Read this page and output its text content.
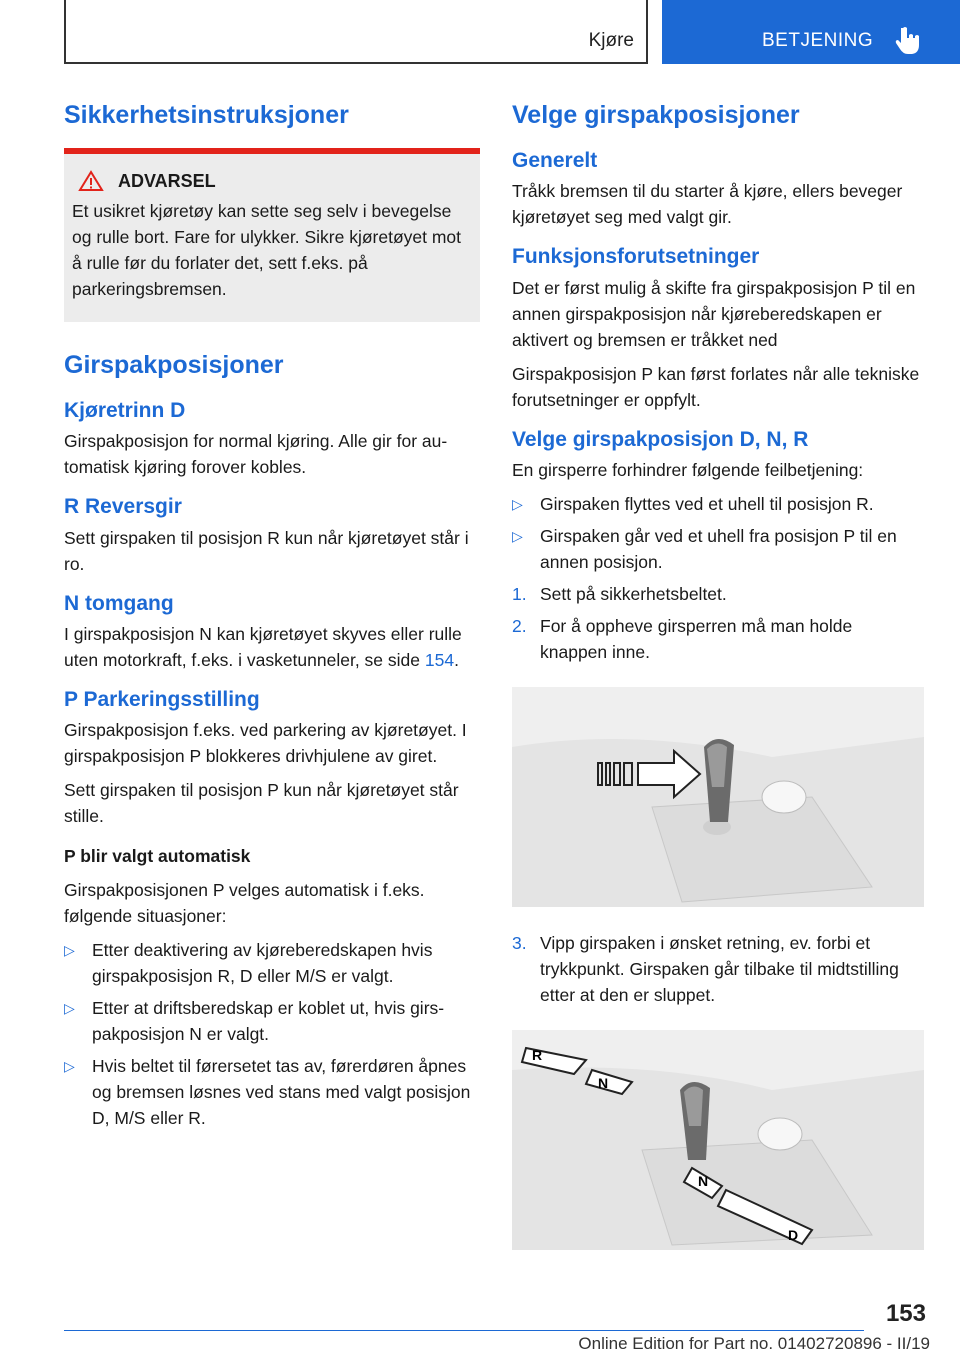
Kjøre	BETJENING
Sikkerhetsinstruksjoner
ADVARSEL

Et usikret kjøretøy kan sette seg selv i bevegelse og rulle bort. Fare for ulykker. Sikre kjøretøyet mot å rulle før du forlater det, sett f.eks. på parkeringsbremsen.

Girspakposisjoner
Kjøretrinn D

Girspakposisjon for normal kjøring. Alle gir for automatisk kjøring forover kobles.

R Reversgir

Sett girspaken til posisjon R kun når kjøretøyet står i ro.

N tomgang

I girspakposisjon N kan kjøretøyet skyves eller rulle uten motorkraft, f.eks. i vasketunneler, se side 154.

P Parkeringsstilling

Girspakposisjon f.eks. ved parkering av kjøretøyet. I girspakposisjon P blokkeres drivhjulene av giret.

Sett girspaken til posisjon P kun når kjøretøyet står stille.

P blir valgt automatisk

Girspakposisjonen P velges automatisk i f.eks. følgende situasjoner:

▷ Etter deaktivering av kjøreberedskapen hvis girspakposisjon R, D eller M/S er valgt.
▷ Etter at driftsberedskap er koblet ut, hvis girspakposisjon N er valgt.
▷ Hvis beltet til førersetet tas av, førerdøren åpnes og bremsen løsnes ved stans med valgt posisjon D, M/S eller R.
Velge girspakposisjoner
Generelt

Tråkk bremsen til du starter å kjøre, ellers beveger kjøretøyet seg med valgt gir.

Funksjonsforutsetninger

Det er først mulig å skifte fra girspakposisjon P til en annen girspakposisjon når kjøreberedskapen er aktivert og bremsen er tråkket ned

Girspakposisjon P kan først forlates når alle tekniske forutsetninger er oppfylt.

Velge girspakposisjon D, N, R

En girsperre forhindrer følgende feilbetjening:

▷ Girspaken flyttes ved et uhell til posisjon R.
▷ Girspaken går ved et uhell fra posisjon P til en annen posisjon.
1. Sett på sikkerhetsbeltet.
2. For å oppheve girsperren må man holde knappen inne.
3. Vipp girspaken i ønsket retning, ev. forbi et trykkpunkt. Girspaken går tilbake til midtstilling etter at den er sluppet.
R
N
N
D
153
Online Edition for Part no. 01402720896 - II/19
